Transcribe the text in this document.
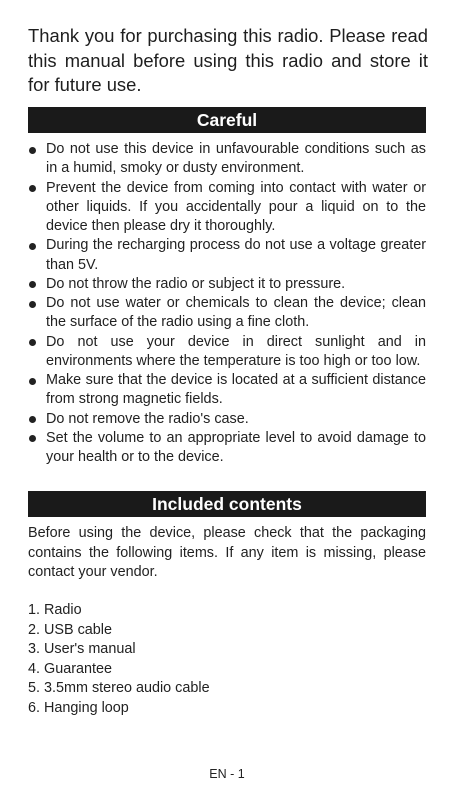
Thank you for purchasing this radio. Please read this manual before using this radio and store it for future use.
Careful
Do not use this device in unfavourable conditions such as in a humid, smoky or dusty environment.
Prevent the device from coming into contact with water or other liquids. If you accidentally pour a liquid on to the device then please dry it thoroughly.
During the recharging process do not use a voltage greater than 5V.
Do not throw the radio or subject it to pressure.
Do not use water or chemicals to clean the device; clean the surface of the radio using a fine cloth.
Do not use your device in direct sunlight and in environments where the temperature is too high or too low.
Make sure that the device is located at a sufficient distance from strong magnetic fields.
Do not remove the radio's case.
Set the volume to an appropriate level to avoid damage to your health or to the device.
Included contents
Before using the device, please check that the packaging contains the following items. If any item is missing, please contact your vendor.
1. Radio
2. USB cable
3. User's manual
4. Guarantee
5. 3.5mm stereo audio cable
6. Hanging loop
EN - 1
